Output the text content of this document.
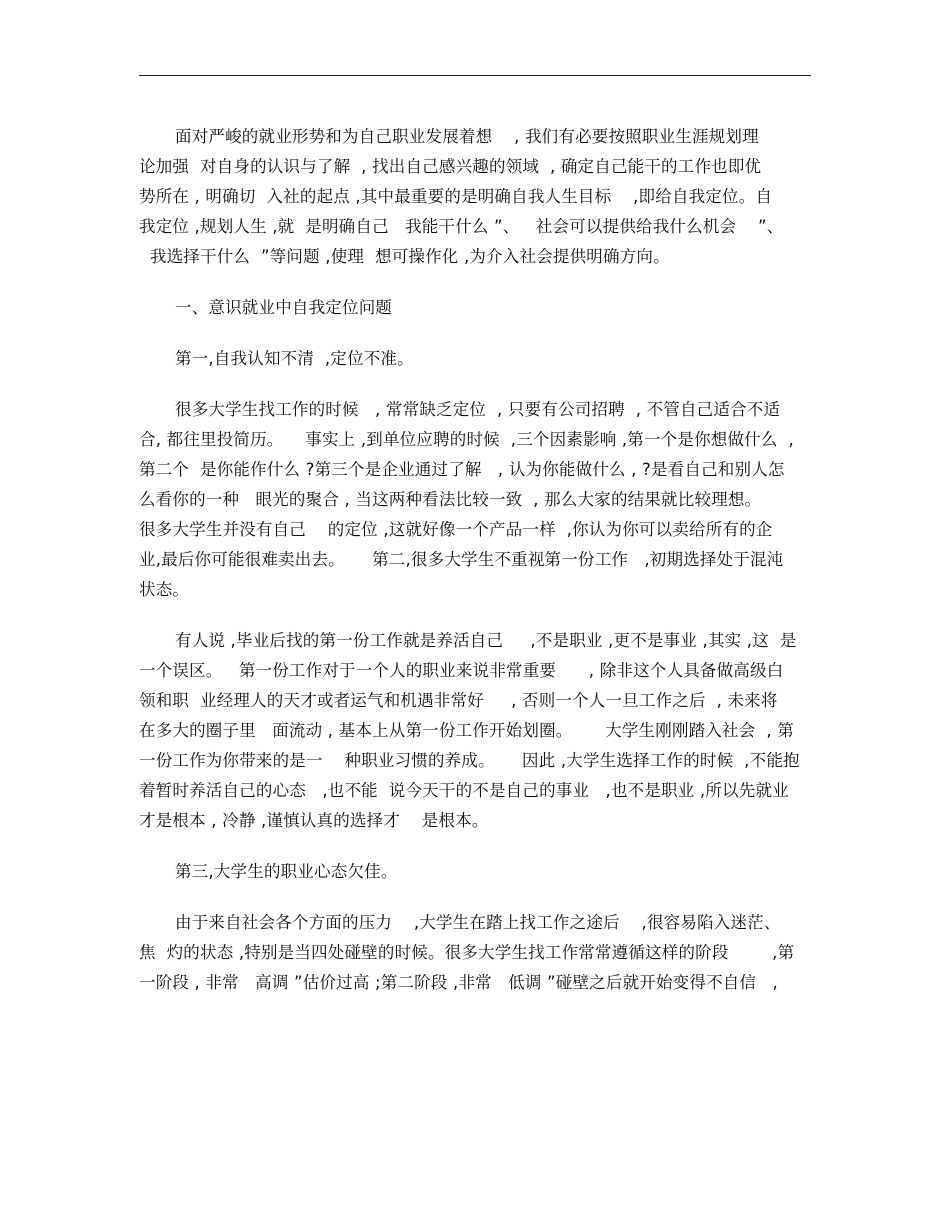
面对严峻的就业形势和为自己职业发展着想    , 我们有必要按照职业生涯规划理
论加强  对自身的认识与了解  , 找出自己感兴趣的领域  , 确定自己能干的工作也即优
势所在 , 明确切  入社的起点 ,其中最重要的是明确自我人生目标    ,即给自我定位。自
我定位 ,规划人生 ,就  是明确自己   我能干什么 ”、   社会可以提供给我什么机会    ”、
我选择干什么  ”等问题 ,使理  想可操作化 ,为介入社会提供明确方向。
一、意识就业中自我定位问题
第一,自我认知不清  ,定位不准。
很多大学生找工作的时候   , 常常缺乏定位  , 只要有公司招聘  , 不管自己适合不适
合, 都往里投简历。    事实上 ,到单位应聘的时候  ,三个因素影响 ,第一个是你想做什么  ,
第二个  是你能作什么 ?第三个是企业通过了解   , 认为你能做什么 , ?是看自己和别人怎
么看你的一种   眼光的聚合 , 当这两种看法比较一致  , 那么大家的结果就比较理想。
很多大学生并没有自己    的定位 ,这就好像一个产品一样  ,你认为你可以卖给所有的企
业,最后你可能很难卖出去。     第二,很多大学生不重视第一份工作   ,初期选择处于混沌
状态。
有人说 ,毕业后找的第一份工作就是养活自己     ,不是职业 ,更不是事业 ,其实 ,这  是
一个误区。   第一份工作对于一个人的职业来说非常重要      , 除非这个人具备做高级白
领和职  业经理人的天才或者运气和机遇非常好     , 否则一个人一旦工作之后  , 未来将
在多大的圈子里   面流动 , 基本上从第一份工作开始划圈。      大学生刚刚踏入社会  , 第
一份工作为你带来的是一    种职业习惯的养成。     因此 ,大学生选择工作的时候  ,不能抱
着暂时养活自己的心态   ,也不能  说今天干的不是自己的事业   ,也不是职业 ,所以先就业
才是根本 , 冷静 ,谨慎认真的选择才    是根本。
第三,大学生的职业心态欠佳。
由于来自社会各个方面的压力    ,大学生在踏上找工作之途后    ,很容易陷入迷茫、
焦  灼的状态 ,特别是当四处碰壁的时候。很多大学生找工作常常遵循这样的阶段        ,第
一阶段 , 非常   高调 ”估价过高 ;第二阶段 ,非常   低调 ”碰壁之后就开始变得不自信   ,
